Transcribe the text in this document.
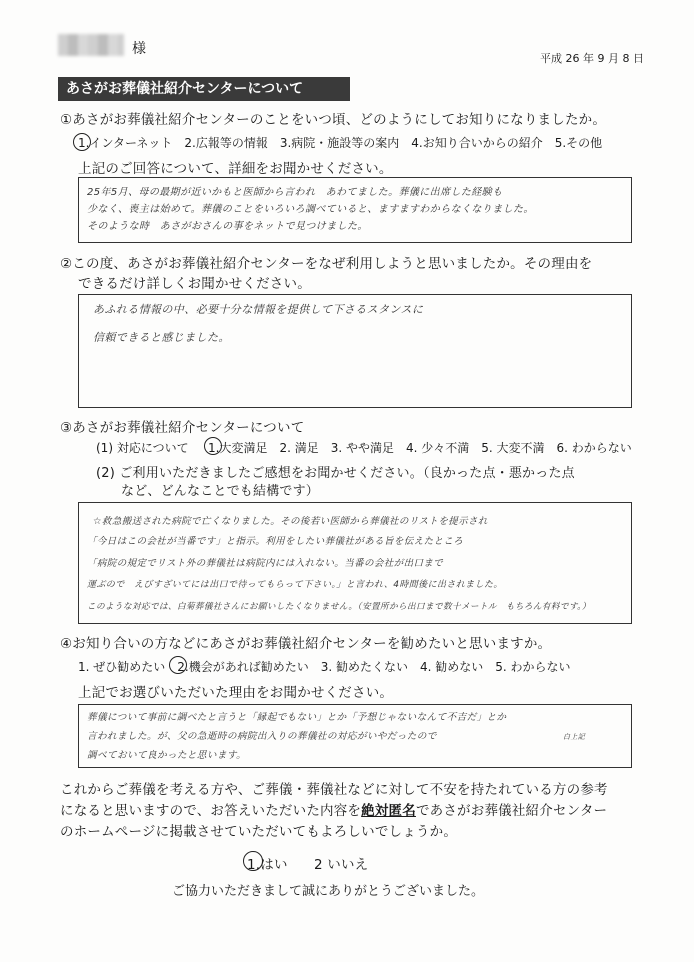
様
平成 26 年 9 月 8 日
あさがお葬儀社紹介センターについて
①あさがお葬儀社紹介センターのことをいつ頃、どのようにしてお知りになりましたか。
1.インターネット　2.広報等の情報　3.病院・施設等の案内　4.お知り合いからの紹介　5.その他
上記のご回答について、詳細をお聞かせください。
25年5月、母の最期が近いかもと医師から言われ　あわてました。葬儀に出席した経験も
少なく、喪主は始めて。葬儀のことをいろいろ調べていると、ますますわからなくなりました。
そのような時　あさがおさんの事をネットで見つけました。
②この度、あさがお葬儀社紹介センターをなぜ利用しようと思いましたか。その理由を
できるだけ詳しくお聞かせください。
あふれる情報の中、必要十分な情報を提供して下さるスタンスに
信頼できると感じました。
③あさがお葬儀社紹介センターについて
(1) 対応について 1.大変満足　2. 満足　3. やや満足　4. 少々不満　5. 大変不満　6. わからない
(2) ご利用いただきましたご感想をお聞かせください。（良かった点・悪かった点
など、どんなことでも結構です）
☆救急搬送された病院で亡くなりました。その後若い医師から葬儀社のリストを提示され
「今日はこの会社が当番です」と指示。利用をしたい葬儀社がある旨を伝えたところ
「病院の規定でリスト外の葬儀社は病院内には入れない。当番の会社が出口まで
運ぶので　えびすざいてには出口で待ってもらって下さい。」と言われ、4時間後に出されました。
このような対応では、白菊葬儀社さんにお願いしたくなりません。（安置所から出口まで数十メートル　もちろん有料です。）
④お知り合いの方などにあさがお葬儀社紹介センターを勧めたいと思いますか。
1. ぜひ勧めたい　2.機会があれば勧めたい　3. 勧めたくない　4. 勧めない　5. わからない
上記でお選びいただいた理由をお聞かせください。
葬儀について事前に調べたと言うと「縁起でもない」とか「予想じゃないなんて不吉だ」とか
言われました。が、父の急逝時の病院出入りの葬儀社の対応がいやだったので
調べておいて良かったと思います。
白上記
これからご葬儀を考える方や、ご葬儀・葬儀社などに対して不安を持たれている方の参考
になると思いますので、お答えいただいた内容を絶対匿名であさがお葬儀社紹介センター
のホームページに掲載させていただいてもよろしいでしょうか。
1.はい 2 いいえ
ご協力いただきまして誠にありがとうございました。
